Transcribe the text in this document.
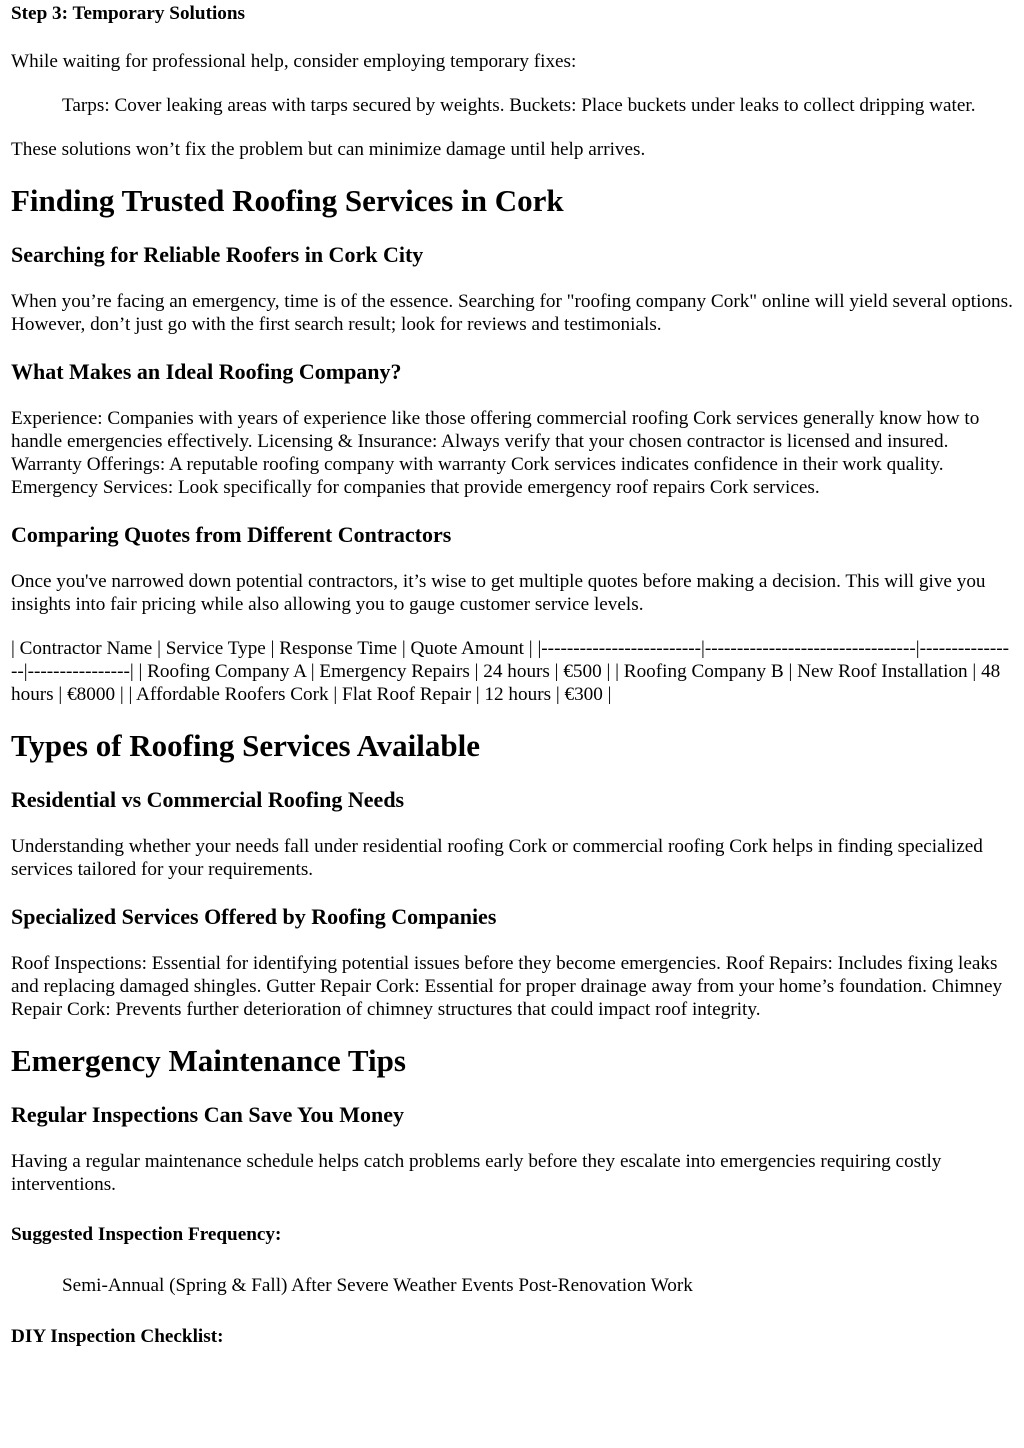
Step 3: Temporary Solutions

While waiting for professional help, consider employing temporary fixes:

Tarps: Cover leaking areas with tarps secured by weights. Buckets: Place buckets under leaks to collect dripping water.

These solutions won’t fix the problem but can minimize damage until help arrives.

Finding Trusted Roofing Services in Cork
Searching for Reliable Roofers in Cork City

When you’re facing an emergency, time is of the essence. Searching for "roofing company Cork" online will yield several options. However, don’t just go with the first search result; look for reviews and testimonials.

What Makes an Ideal Roofing Company?

Experience: Companies with years of experience like those offering commercial roofing Cork services generally know how to handle emergencies effectively. Licensing & Insurance: Always verify that your chosen contractor is licensed and insured. Warranty Offerings: A reputable roofing company with warranty Cork services indicates confidence in their work quality. Emergency Services: Look specifically for companies that provide emergency roof repairs Cork services.

Comparing Quotes from Different Contractors

Once you've narrowed down potential contractors, it’s wise to get multiple quotes before making a decision. This will give you insights into fair pricing while also allowing you to gauge customer service levels.

| Contractor Name | Service Type | Response Time | Quote Amount | |-------------------------|---------------------------------|----------------|----------------| | Roofing Company A | Emergency Repairs | 24 hours | €500 | | Roofing Company B | New Roof Installation | 48 hours | €8000 | | Affordable Roofers Cork | Flat Roof Repair | 12 hours | €300 |

Types of Roofing Services Available
Residential vs Commercial Roofing Needs

Understanding whether your needs fall under residential roofing Cork or commercial roofing Cork helps in finding specialized services tailored for your requirements.

Specialized Services Offered by Roofing Companies

Roof Inspections: Essential for identifying potential issues before they become emergencies. Roof Repairs: Includes fixing leaks and replacing damaged shingles. Gutter Repair Cork: Essential for proper drainage away from your home’s foundation. Chimney Repair Cork: Prevents further deterioration of chimney structures that could impact roof integrity.

Emergency Maintenance Tips
Regular Inspections Can Save You Money

Having a regular maintenance schedule helps catch problems early before they escalate into emergencies requiring costly interventions.

Suggested Inspection Frequency:

Semi-Annual (Spring & Fall) After Severe Weather Events Post-Renovation Work

DIY Inspection Checklist:
